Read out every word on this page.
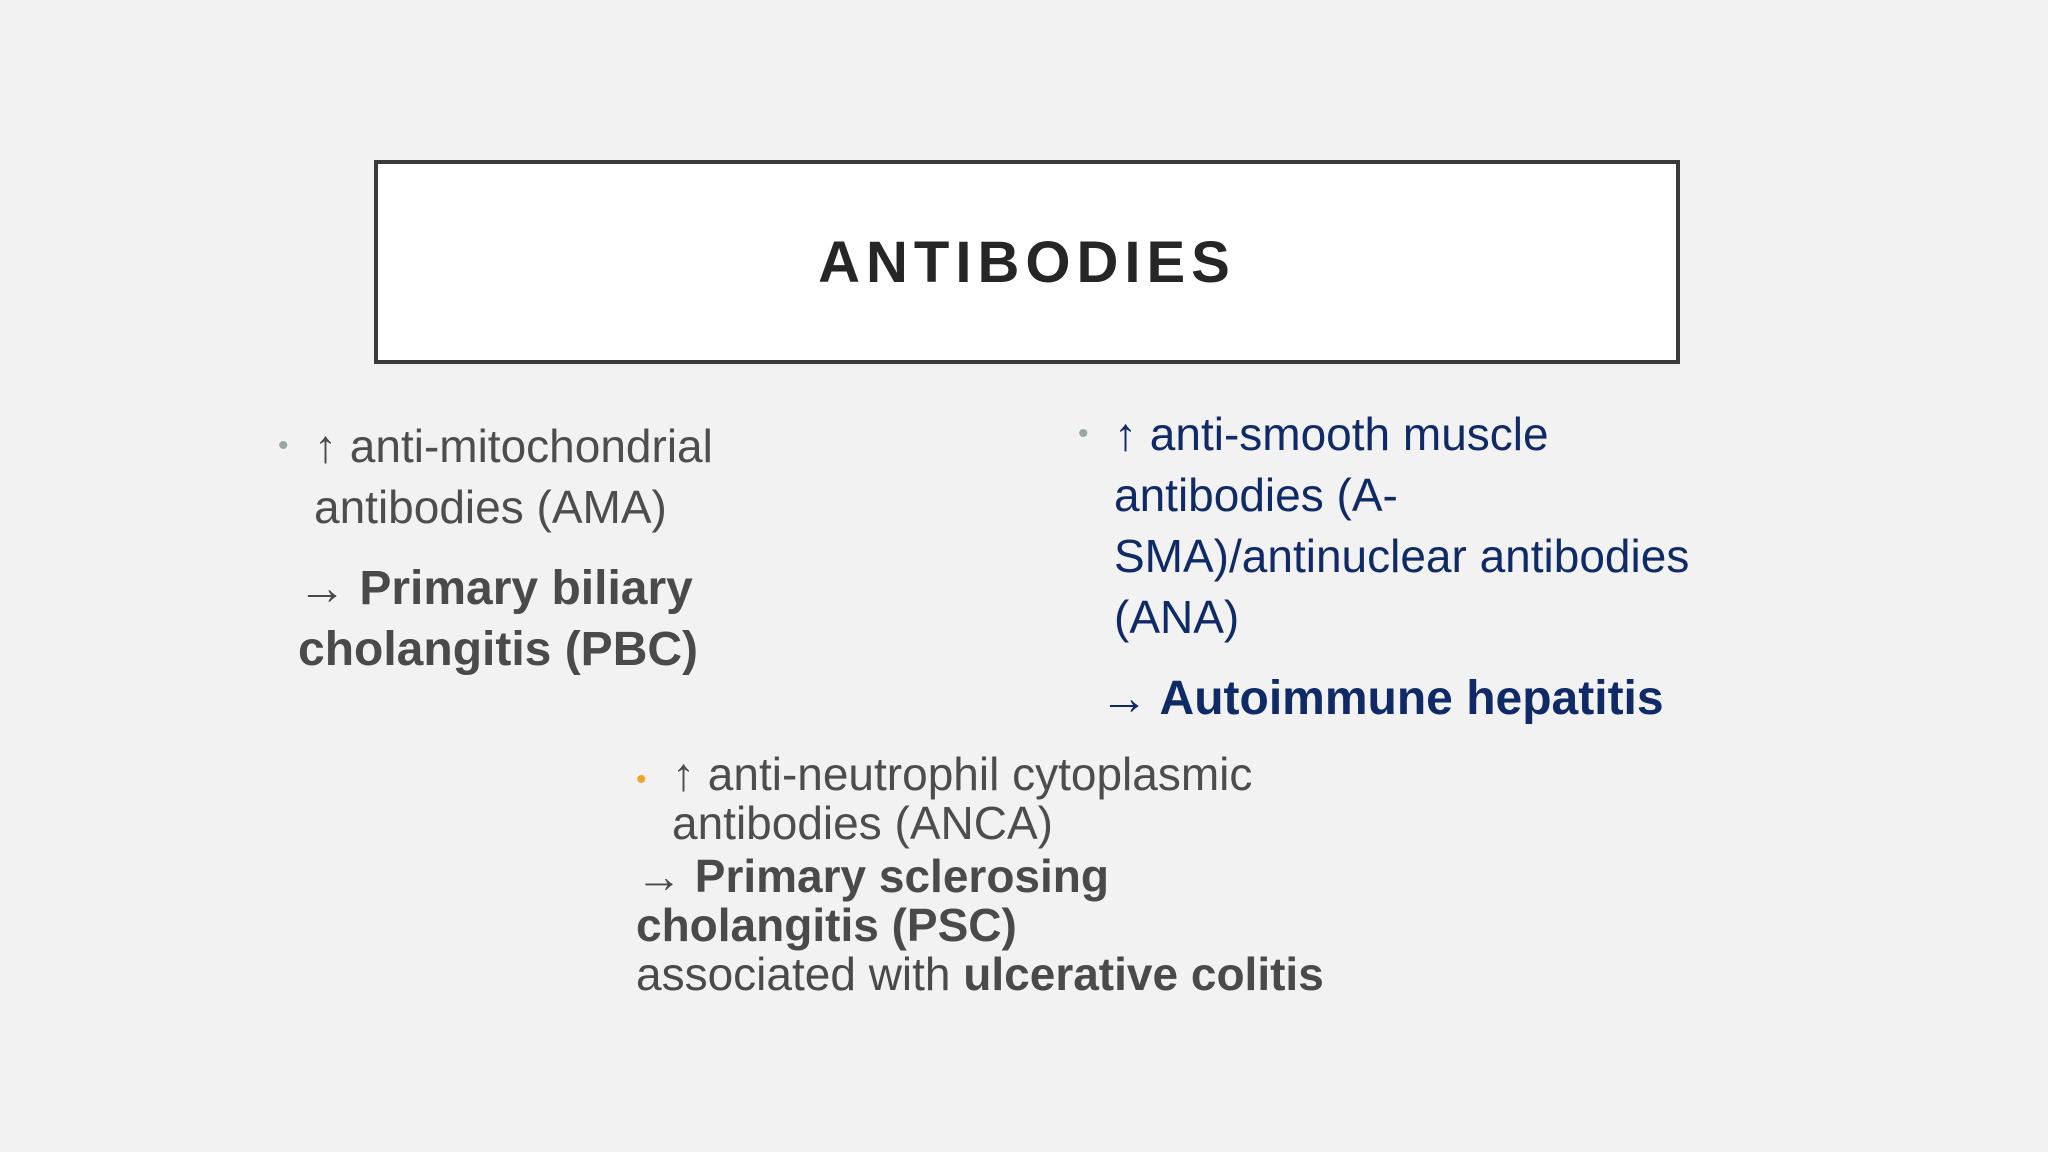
ANTIBODIES
• ↑ anti-mitochondrial antibodies (AMA)
→ Primary biliary cholangitis (PBC)
• ↑ anti-smooth muscle antibodies (A-SMA)/antinuclear antibodies (ANA)
→ Autoimmune hepatitis
• ↑ anti-neutrophil cytoplasmic antibodies (ANCA)
→ Primary sclerosing cholangitis (PSC)
associated with ulcerative colitis
